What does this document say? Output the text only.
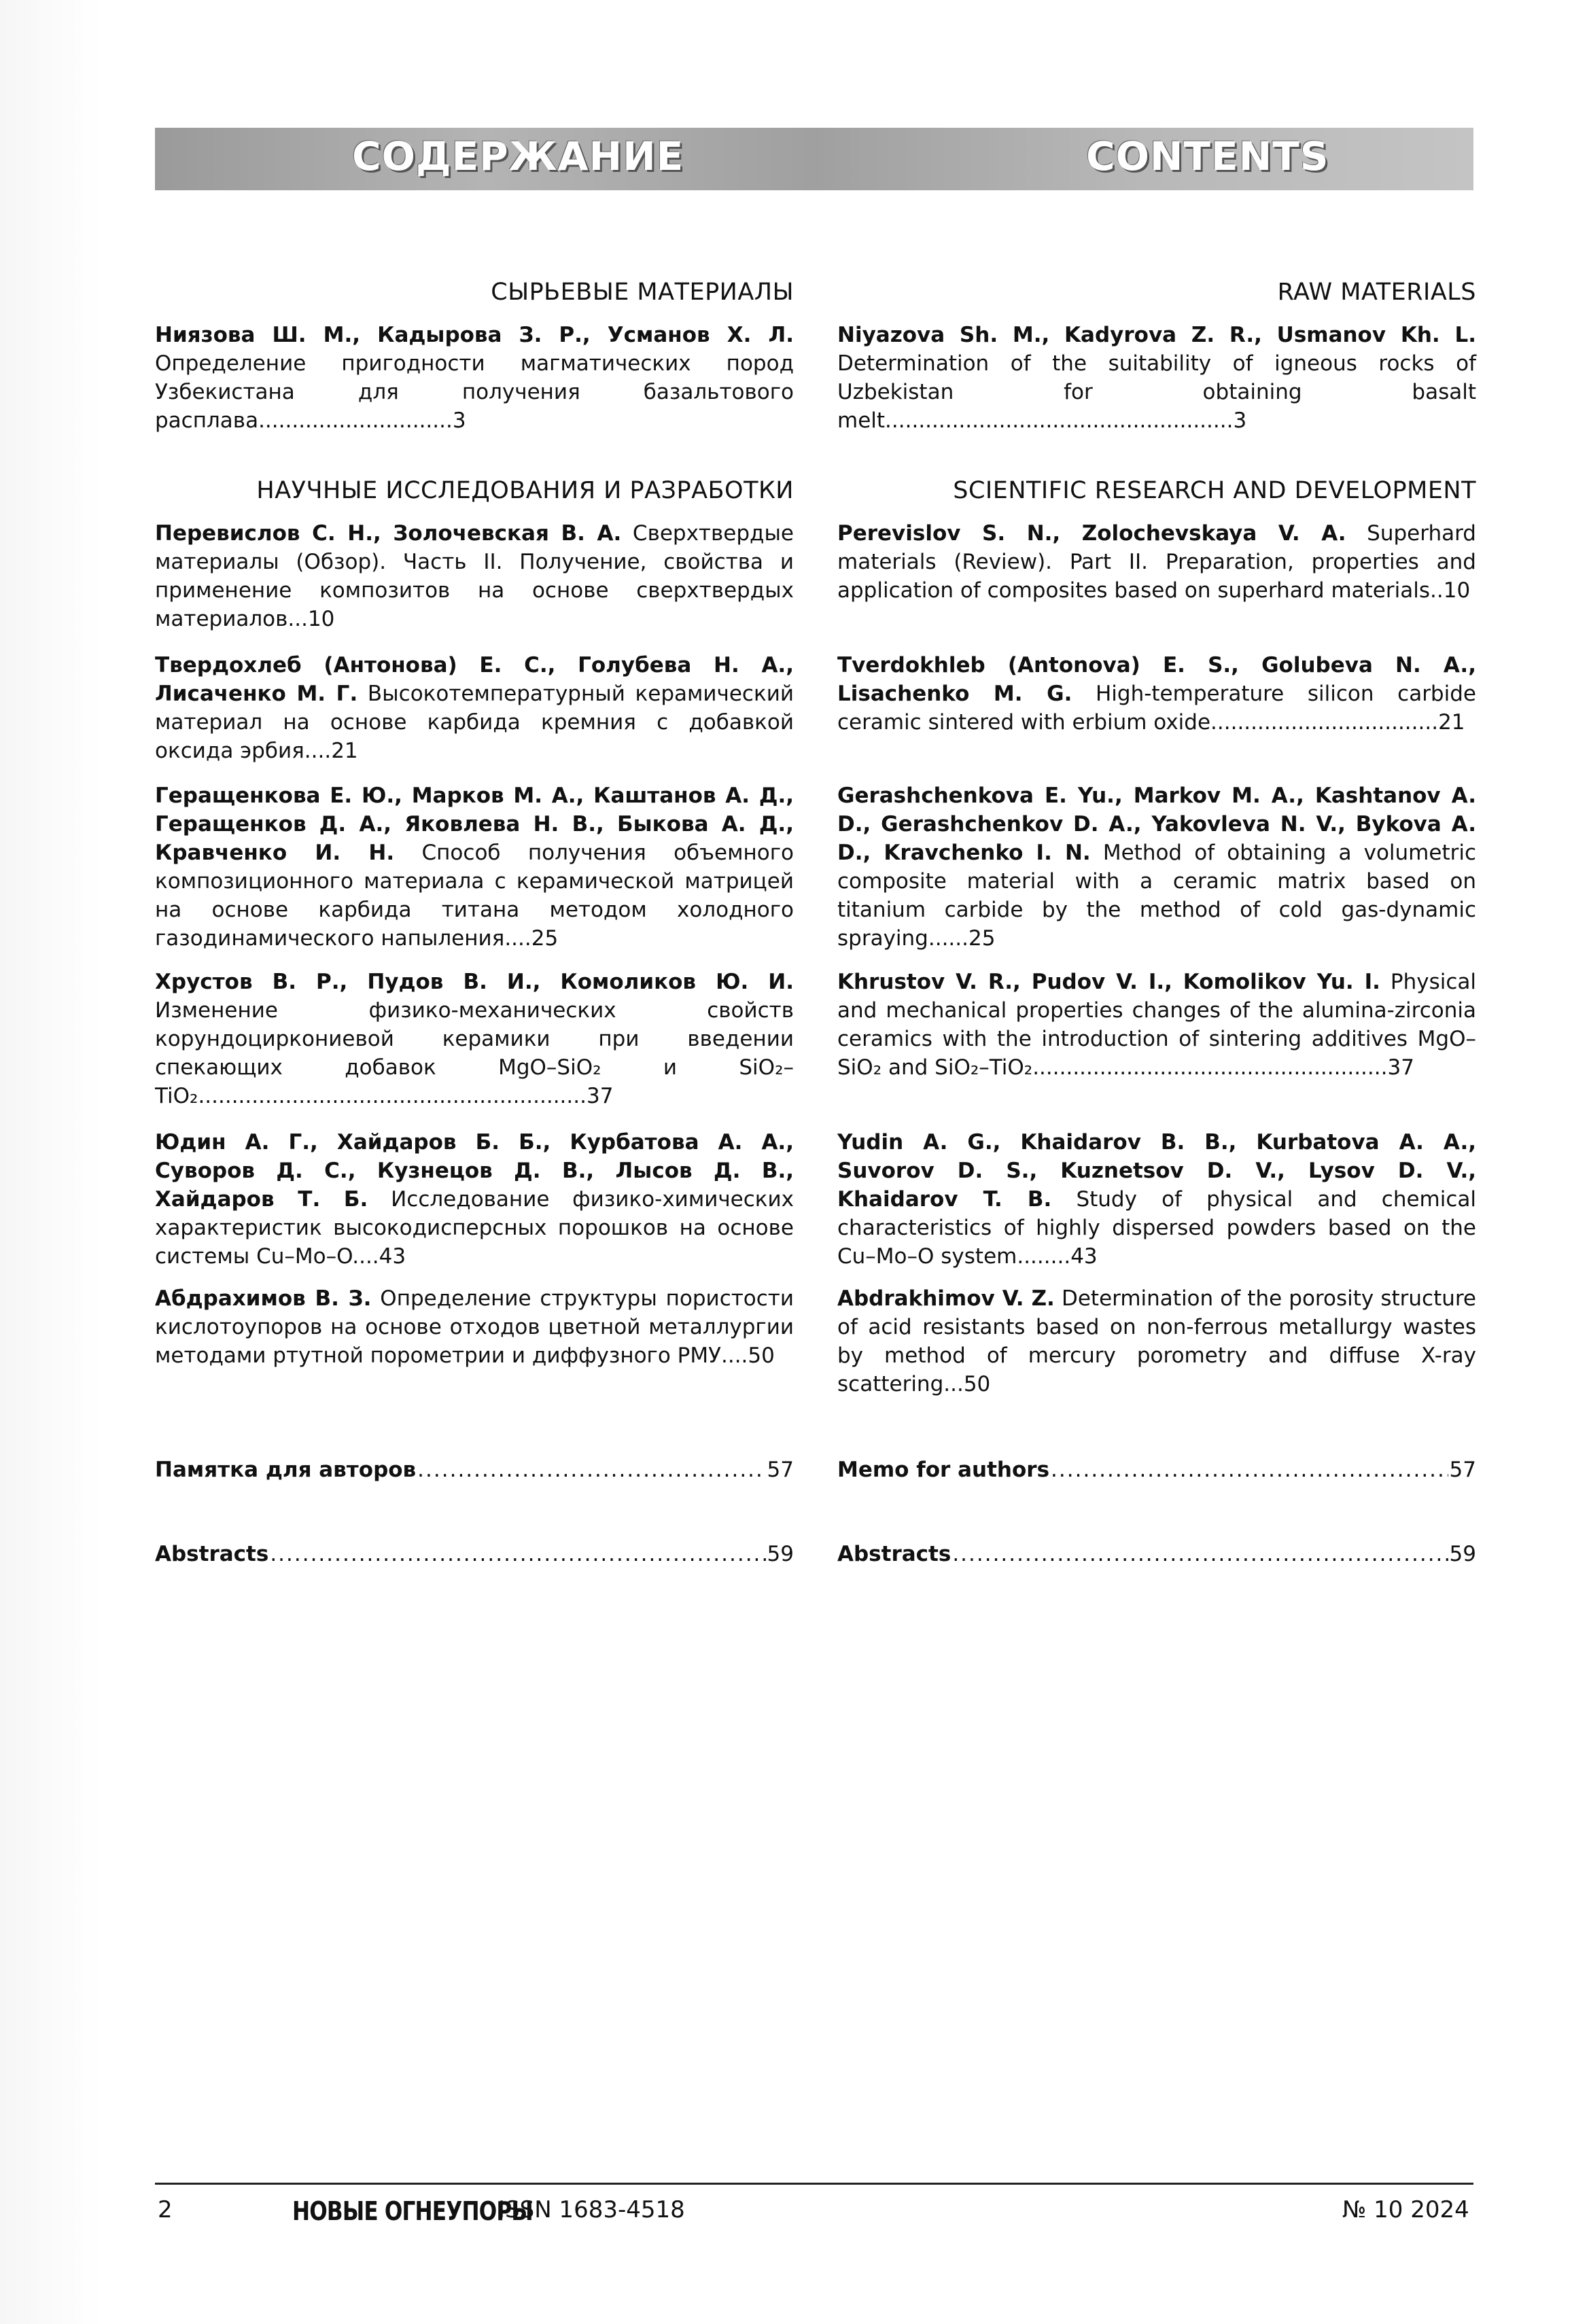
СОДЕРЖАНИЕ	CONTENTS
СЫРЬЕВЫЕ МАТЕРИАЛЫ	RAW MATERIALS
Ниязова Ш. М., Кадырова З. Р., Усманов Х. Л. Определение пригодности магматических пород Узбекистана для получения базальтового расплава.............................3
Niyazova Sh. M., Kadyrova Z. R., Usmanov Kh. L. Determination of the suitability of igneous rocks of Uzbekistan for obtaining basalt melt....................................................3
НАУЧНЫЕ ИССЛЕДОВАНИЯ И РАЗРАБОТКИ	SCIENTIFIC RESEARCH AND DEVELOPMENT
Перевислов С. Н., Золочевская В. А. Сверхтвердые материалы (Обзор). Часть II. Получение, свойства и применение композитов на основе сверхтвердых материалов...10
Perevislov S. N., Zolochevskaya V. A. Superhard materials (Review). Part II. Preparation, properties and application of composites based on superhard materials..10
Твердохлеб (Антонова) Е. С., Голубева Н. А., Лисаченко М. Г. Высокотемпературный керамический материал на основе карбида кремния с добавкой оксида эрбия....21
Tverdokhleb (Antonova) E. S., Golubeva N. A., Lisachenko M. G. High-temperature silicon carbide ceramic sintered with erbium oxide..................................21
Геращенкова Е. Ю., Марков М. А., Каштанов А. Д., Геращенков Д. А., Яковлева Н. В., Быкова А. Д., Кравченко И. Н. Способ получения объемного композиционного материала с керамической матрицей на основе карбида титана методом холодного газодинамического напыления....25
Gerashchenkova E. Yu., Markov M. A., Kashtanov A. D., Gerashchenkov D. A., Yakovleva N. V., Bykova A. D., Kravchenko I. N. Method of obtaining a volumetric composite material with a ceramic matrix based on titanium carbide by the method of cold gas-dynamic spraying......25
Хрустов В. Р., Пудов В. И., Комоликов Ю. И. Изменение физико-механических свойств корундоциркониевой керамики при введении спекающих добавок MgO–SiO₂ и SiO₂–TiO₂..........................................................37
Khrustov V. R., Pudov V. I., Komolikov Yu. I. Physical and mechanical properties changes of the alumina-zirconia ceramics with the introduction of sintering additives MgO–SiO₂ and SiO₂–TiO₂.....................................................37
Юдин А. Г., Хайдаров Б. Б., Курбатова А. А., Суворов Д. С., Кузнецов Д. В., Лысов Д. В., Хайдаров Т. Б. Исследование физико-химических характеристик высокодисперсных порошков на основе системы Cu–Mo–O....43
Yudin A. G., Khaidarov B. B., Kurbatova A. A., Suvorov D. S., Kuznetsov D. V., Lysov D. V., Khaidarov T. B. Study of physical and chemical characteristics of highly dispersed powders based on the Cu–Mo–O system........43
Абдрахимов В. З. Определение структуры пористости кислотоупоров на основе отходов цветной металлургии методами ртутной порометрии и диффузного РМУ....50
Abdrakhimov V. Z. Determination of the porosity structure of acid resistants based on non-ferrous metallurgy wastes by method of mercury porometry and diffuse X-ray scattering...50
Памятка для авторов .....	57 Memo for authors .....	57
Abstracts .....	59 Abstracts .....	59
2	НОВЫЕ ОГНЕУПОРЫ
ISSN 1683-4518	№ 10 2024
